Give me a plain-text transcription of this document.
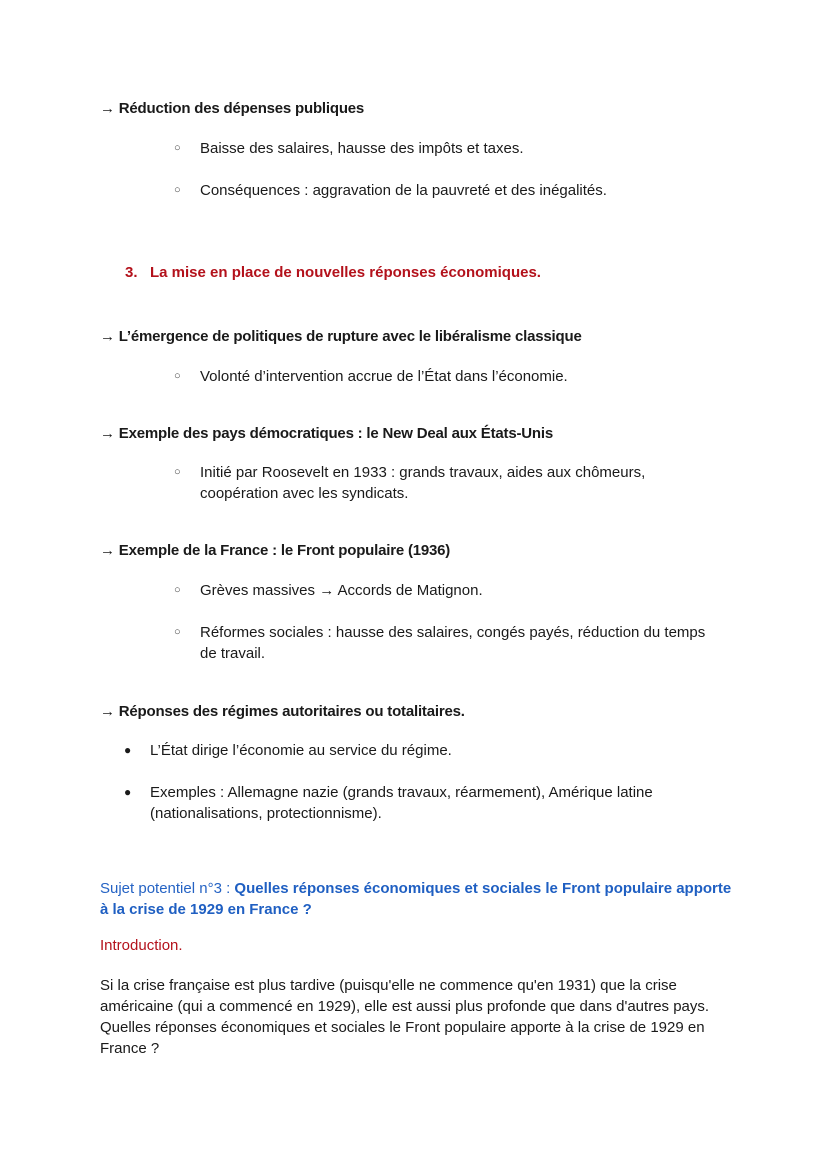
→ Réduction des dépenses publiques
○ Baisse des salaires, hausse des impôts et taxes.
○ Conséquences : aggravation de la pauvreté et des inégalités.
3. La mise en place de nouvelles réponses économiques.
→ L’émergence de politiques de rupture avec le libéralisme classique
○ Volonté d’intervention accrue de l’État dans l’économie.
→ Exemple des pays démocratiques : le New Deal aux États-Unis
○ Initié par Roosevelt en 1933 : grands travaux, aides aux chômeurs, coopération avec les syndicats.
→ Exemple de la France : le Front populaire (1936)
○ Grèves massives → Accords de Matignon.
○ Réformes sociales : hausse des salaires, congés payés, réduction du temps de travail.
→ Réponses des régimes autoritaires ou totalitaires.
● L’État dirige l’économie au service du régime.
● Exemples : Allemagne nazie (grands travaux, réarmement), Amérique latine (nationalisations, protectionnisme).
Sujet potentiel n°3 : Quelles réponses économiques et sociales le Front populaire apporte à la crise de 1929 en France ?
Introduction.
Si la crise française est plus tardive (puisqu'elle ne commence qu'en 1931) que la crise américaine (qui a commencé en 1929), elle est aussi plus profonde que dans d'autres pays. Quelles réponses économiques et sociales le Front populaire apporte à la crise de 1929 en France ?
